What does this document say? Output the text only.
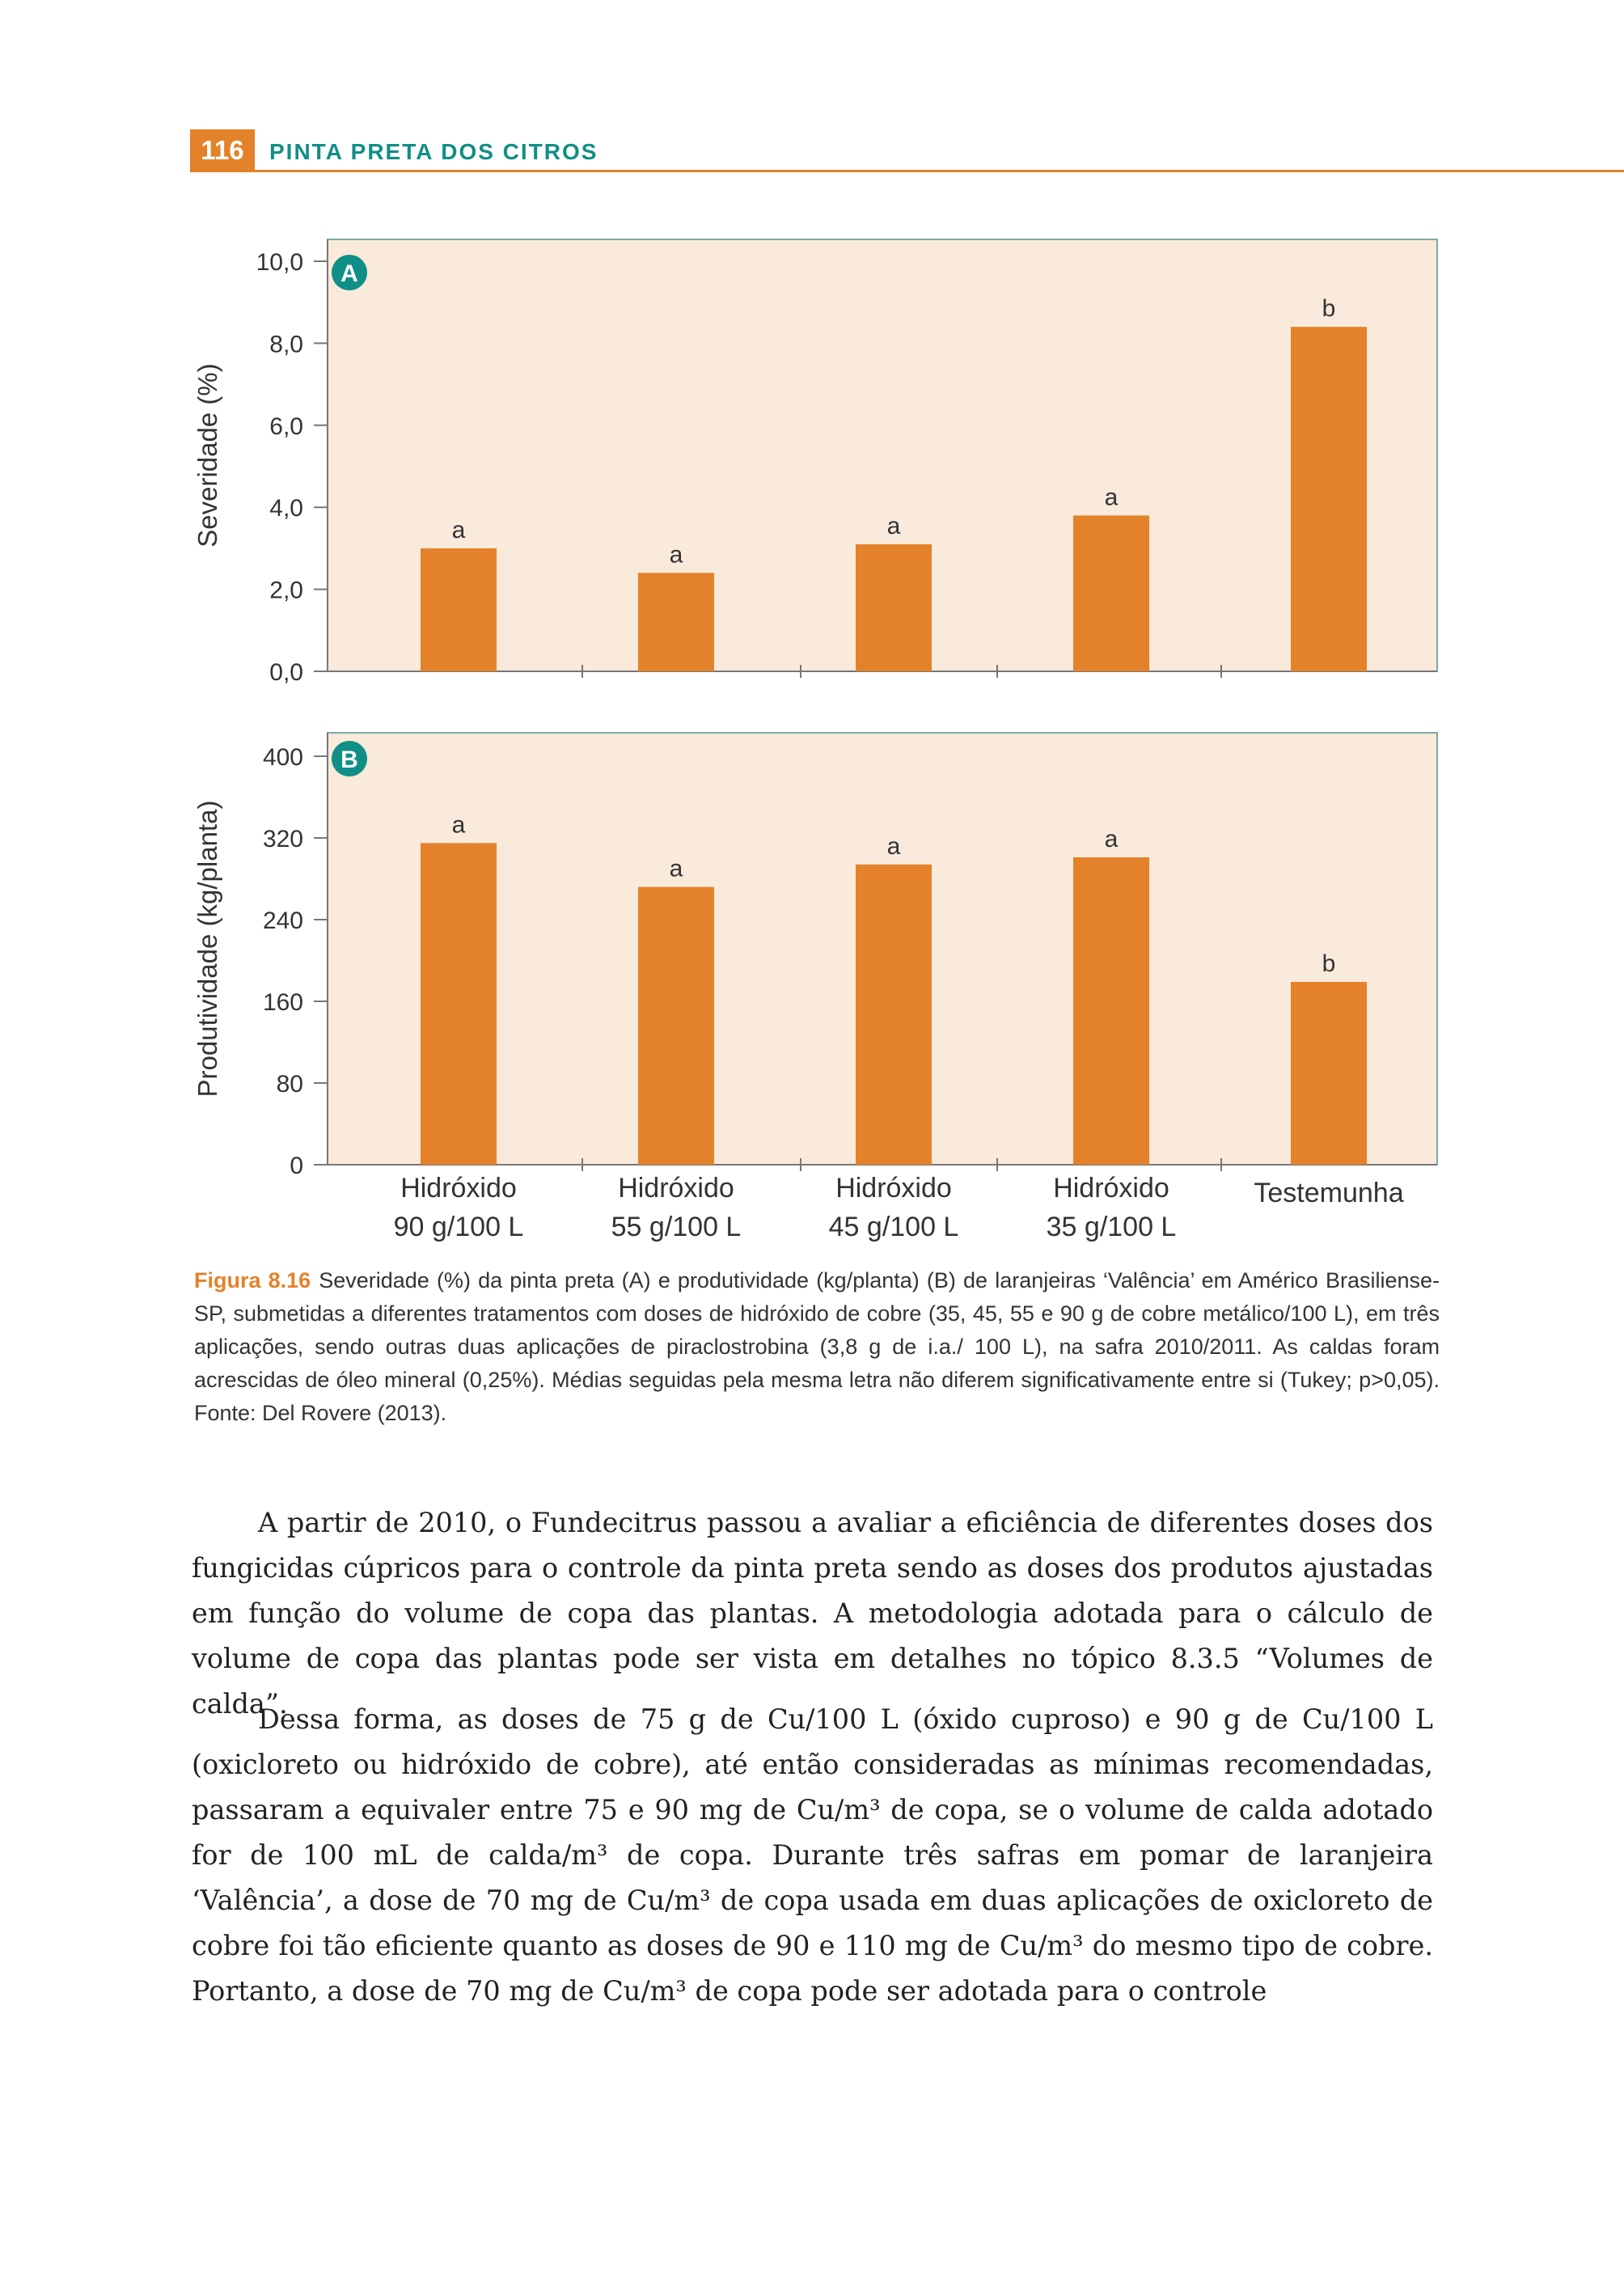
116	PINTA PRETA DOS CITROS
0,0
2,0
4,0
6,0
8,0
10,0
Severidade (%)
A
a
a
a
a
b
0
80
160
240
320
400
Produtividade (kg/planta)
B
a
a
a	a
b
Hidróxido
90 g/100 L
Hidróxido
55 g/100 L
Hidróxido
45 g/100 L
Hidróxido
35 g/100 L
Testemunha
Figura 8.16 Severidade (%) da pinta preta (A) e produtividade (kg/planta) (B) de laranjeiras ‘Valência’ em Américo Brasiliense-SP, submetidas a diferentes tratamentos com doses de hidróxido de cobre (35, 45, 55 e 90 g de cobre metálico/100 L), em três aplicações, sendo outras duas aplicações de piraclostrobina (3,8 g de i.a./ 100 L), na safra 2010/2011. As caldas foram acrescidas de óleo mineral (0,25%). Médias seguidas pela mesma letra não diferem significativamente entre si (Tukey; p>0,05). Fonte: Del Rovere (2013).

A partir de 2010, o Fundecitrus passou a avaliar a eficiência de diferentes doses dos fungicidas cúpricos para o controle da pinta preta sendo as doses dos produtos ajustadas em função do volume de copa das plantas. A metodologia adotada para o cálculo de volume de copa das plantas pode ser vista em detalhes no tópico 8.3.5 “Volumes de calda”.

Dessa forma, as doses de 75 g de Cu/100 L (óxido cuproso) e 90 g de Cu/100 L (oxicloreto ou hidróxido de cobre), até então consideradas as mínimas recomendadas, passaram a equivaler entre 75 e 90 mg de Cu/m³ de copa, se o volume de calda adotado for de 100 mL de calda/m³ de copa. Durante três safras em pomar de laranjeira ‘Valência’, a dose de 70 mg de Cu/m³ de copa usada em duas aplicações de oxicloreto de cobre foi tão eficiente quanto as doses de 90 e 110 mg de Cu/m³ do mesmo tipo de cobre. Portanto, a dose de 70 mg de Cu/m³ de copa pode ser adotada para o controle
